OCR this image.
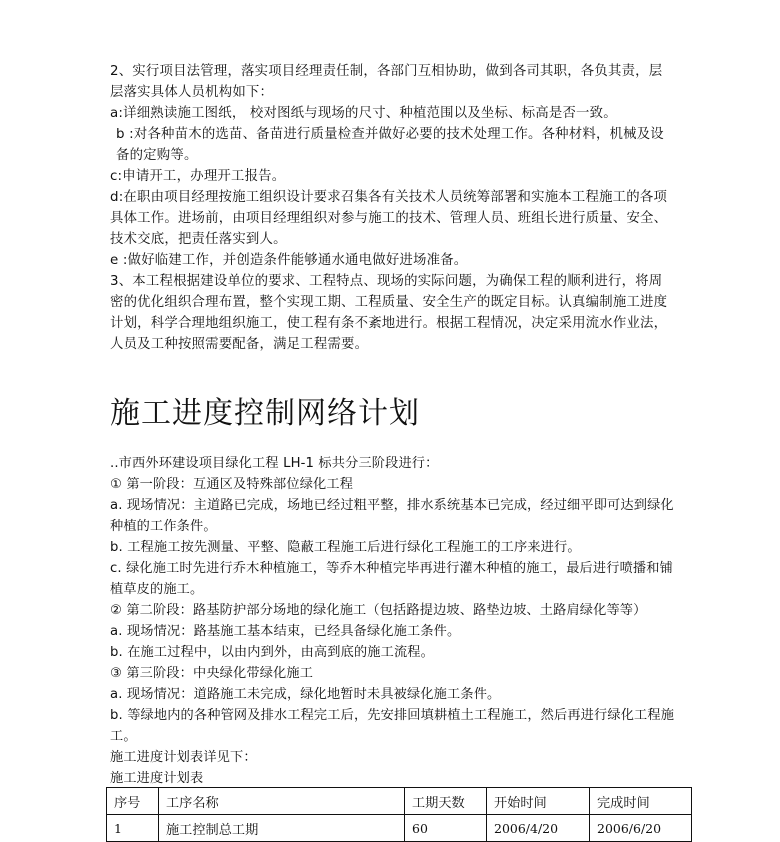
2、实行项目法管理，落实项目经理责任制，各部门互相协助，做到各司其职，各负其责，层层落实具体人员机构如下：

a:详细熟读施工图纸， 校对图纸与现场的尺寸、种植范围以及坐标、标高是否一致。

b :对各种苗木的选苗、备苗进行质量检查并做好必要的技术处理工作。各种材料，机械及设备的定购等。

c:申请开工，办理开工报告。

d:在职由项目经理按施工组织设计要求召集各有关技术人员统筹部署和实施本工程施工的各项具体工作。进场前，由项目经理组织对参与施工的技术、管理人员、班组长进行质量、安全、技术交底，把责任落实到人。

e :做好临建工作，并创造条件能够通水通电做好进场准备。

3、本工程根据建设单位的要求、工程特点、现场的实际问题，为确保工程的顺利进行，将周密的优化组织合理布置，整个实现工期、工程质量、安全生产的既定目标。认真编制施工进度计划，科学合理地组织施工，使工程有条不紊地进行。根据工程情况，决定采用流水作业法，人员及工种按照需要配备，满足工程需要。

施工进度控制网络计划

..市西外环建设项目绿化工程 LH-1 标共分三阶段进行：

① 第一阶段：互通区及特殊部位绿化工程

a. 现场情况：主道路已完成，场地已经过粗平整，排水系统基本已完成，经过细平即可达到绿化种植的工作条件。

b. 工程施工按先测量、平整、隐蔽工程施工后进行绿化工程施工的工序来进行。

c. 绿化施工时先进行乔木种植施工，等乔木种植完毕再进行灌木种植的施工，最后进行喷播和铺植草皮的施工。

② 第二阶段：路基防护部分场地的绿化施工（包括路提边坡、路垫边坡、土路肩绿化等等）

a. 现场情况：路基施工基本结束，已经具备绿化施工条件。

b. 在施工过程中，以由内到外，由高到底的施工流程。

③ 第三阶段：中央绿化带绿化施工

a. 现场情况：道路施工未完成，绿化地暂时未具被绿化施工条件。

b. 等绿地内的各种管网及排水工程完工后，先安排回填耕植土工程施工，然后再进行绿化工程施工。

施工进度计划表详见下：

施工进度计划表

序号	工序名称	工期天数	开始时间	完成时间
1	施工控制总工期	60	2006/4/20	2006/6/20
